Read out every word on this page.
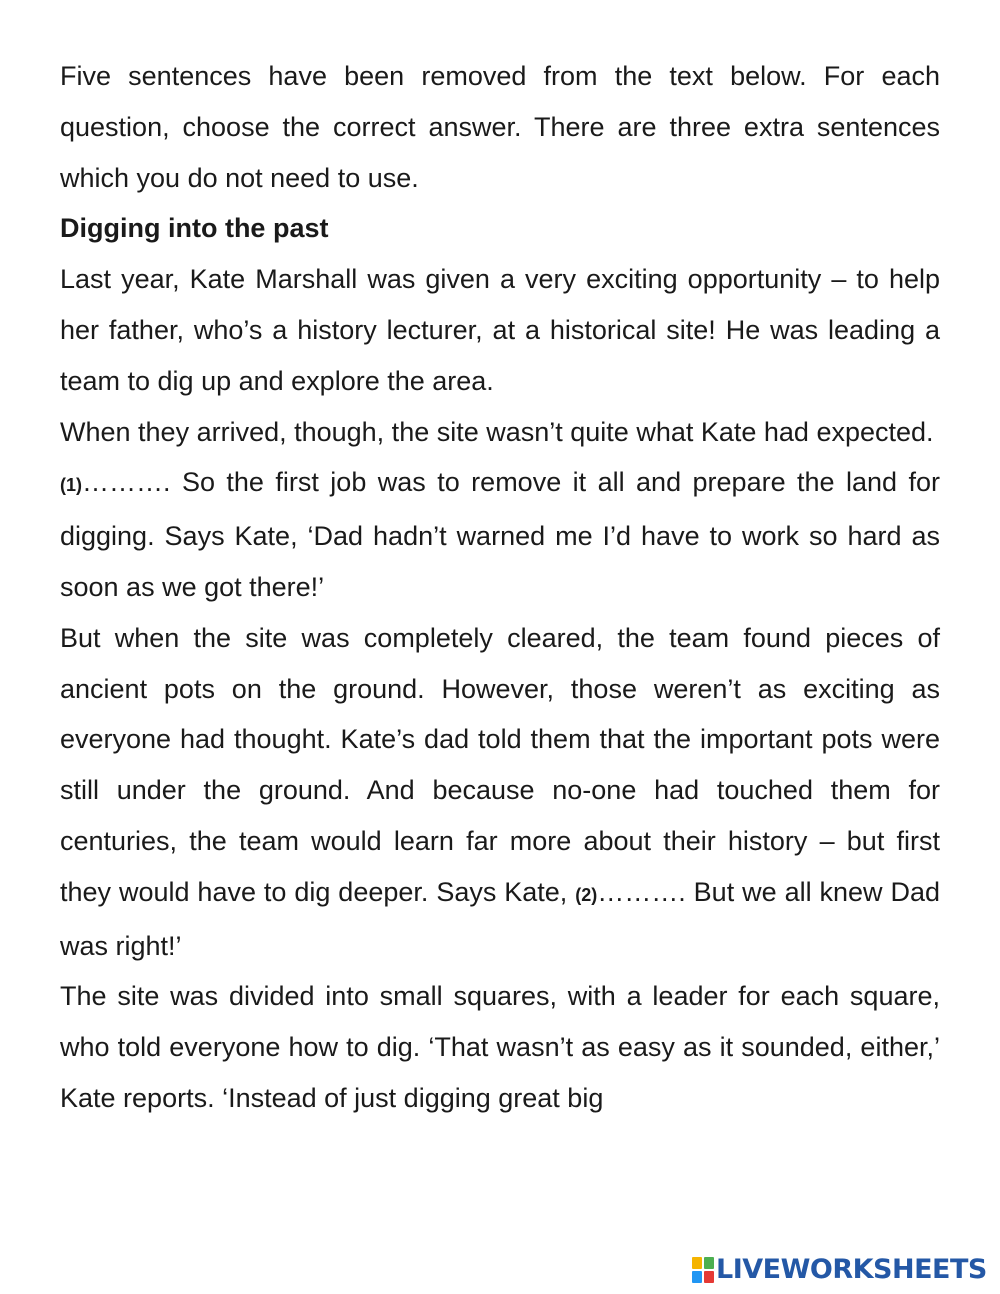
Five sentences have been removed from the text below. For each question, choose the correct answer. There are three extra sentences which you do not need to use.

Digging into the past

Last year, Kate Marshall was given a very exciting opportunity – to help her father, who’s a history lecturer, at a historical site! He was leading a team to dig up and explore the area.

When they arrived, though, the site wasn’t quite what Kate had expected.

(1)………. So the first job was to remove it all and prepare the land for digging. Says Kate, ‘Dad hadn’t warned me I’d have to work so hard as soon as we got there!’

But when the site was completely cleared, the team found pieces of ancient pots on the ground. However, those weren’t as exciting as everyone had thought. Kate’s dad told them that the important pots were still under the ground. And because no-one had touched them for centuries, the team would learn far more about their history – but first they would have to dig deeper. Says Kate, (2)………. But we all knew Dad was right!’

The site was divided into small squares, with a leader for each square, who told everyone how to dig. ‘That wasn’t as easy as it sounded, either,’ Kate reports. ‘Instead of just digging great big

LIVEWORKSHEETS
